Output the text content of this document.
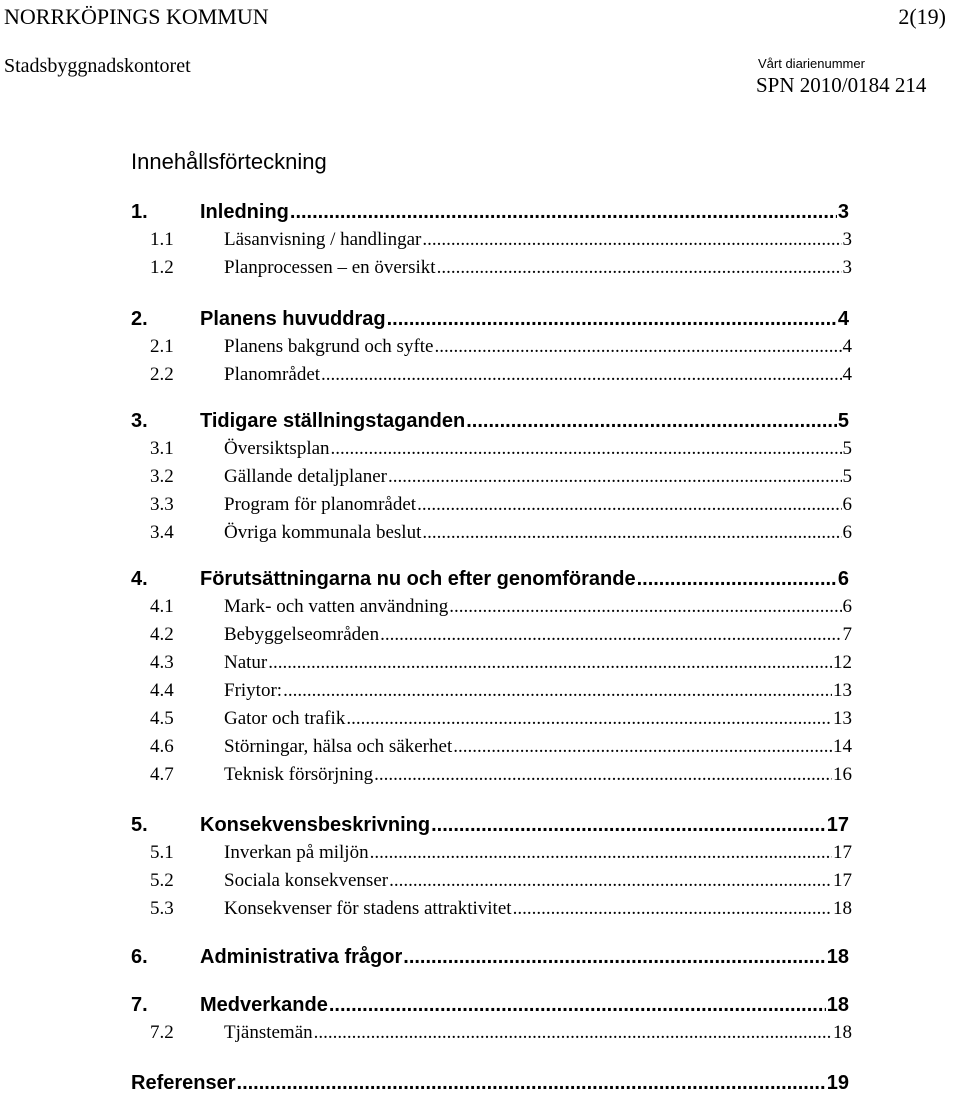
NORRKÖPINGS KOMMUN	2(19)
Stadsbyggnadskontoret	Vårt diarienummer
SPN 2010/0184 214
Innehållsförteckning
1.	Inledning .....	3
1.1	Läsanvisning / handlingar .....	3
1.2	Planprocessen – en översikt .....	3
2.	Planens huvuddrag .....	4
2.1	Planens bakgrund och syfte .....	4
2.2	Planområdet .....	4
3.	Tidigare ställningstaganden .....	5
3.1	Översiktsplan .....	5
3.2	Gällande detaljplaner .....	5
3.3	Program för planområdet .....	6
3.4	Övriga kommunala beslut .....	6
4.	Förutsättningarna nu och efter genomförande .....	6
4.1	Mark- och vatten användning .....	6
4.2	Bebyggelseområden .....	7
4.3	Natur .....	12
4.4	Friytor: .....	13
4.5	Gator och trafik .....	13
4.6	Störningar, hälsa och säkerhet .....	14
4.7	Teknisk försörjning .....	16
5.	Konsekvensbeskrivning .....	17
5.1	Inverkan på miljön .....	17
5.2	Sociala konsekvenser .....	17
5.3	Konsekvenser för stadens attraktivitet .....	18
6.	Administrativa frågor .....	18
7.	Medverkande .....	18
7.2	Tjänstemän .....	18
Referenser .....	19
